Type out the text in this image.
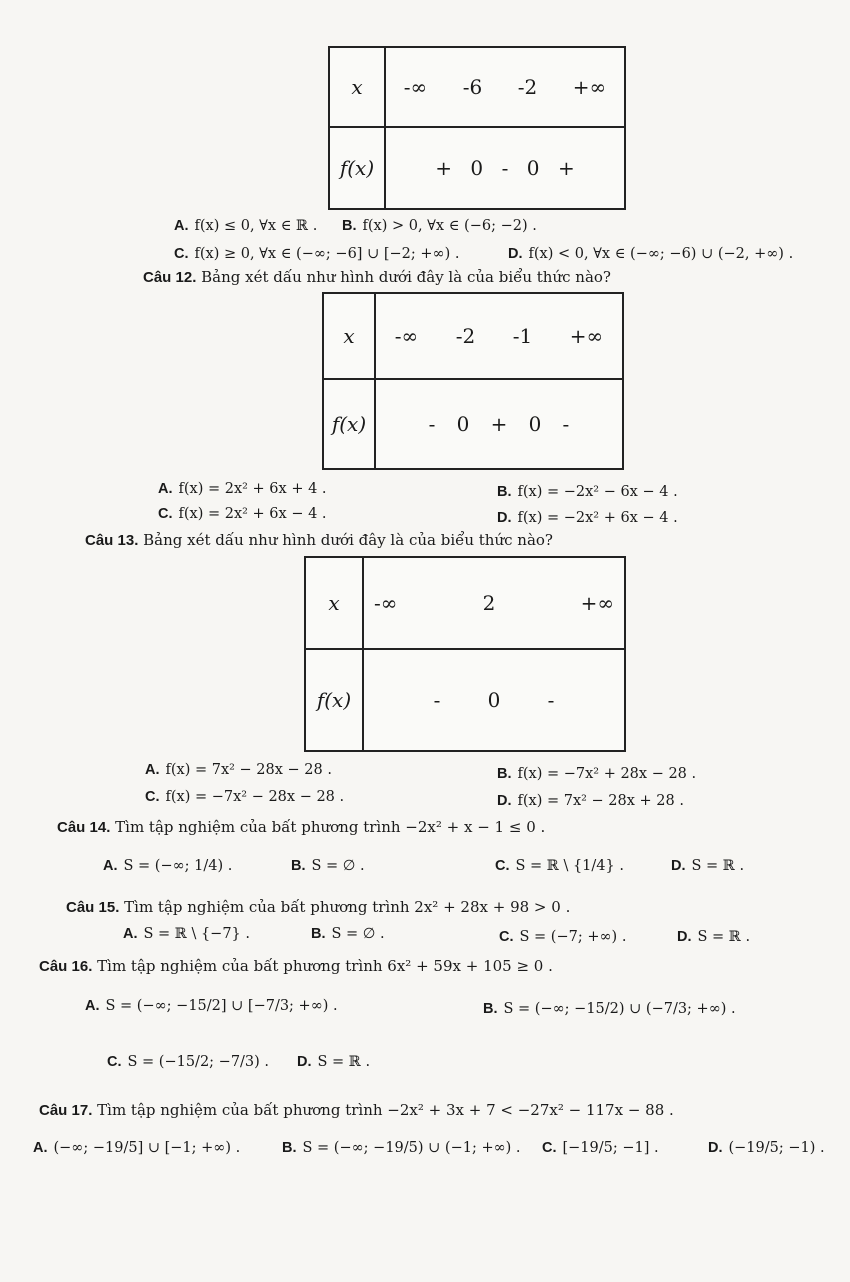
x	-∞ -6 -2 +∞

f(x)	+ 0 - 0 +
A. f(x) ≤ 0, ∀x ∈ ℝ . B. f(x) > 0, ∀x ∈ (−6; −2) .
C. f(x) ≥ 0, ∀x ∈ (−∞; −6] ∪ [−2; +∞) .	D. f(x) < 0, ∀x ∈ (−∞; −6) ∪ (−2, +∞) .
Câu 12. Bảng xét dấu như hình dưới đây là của biểu thức nào?
x	-∞ -2 -1 +∞

f(x)	- 0 + 0 -
A. f(x) = 2x² + 6x + 4 .	B. f(x) = −2x² − 6x − 4 .
C. f(x) = 2x² + 6x − 4 .	D. f(x) = −2x² + 6x − 4 .
Câu 13. Bảng xét dấu như hình dưới đây là của biểu thức nào?
x	-∞ 2 +∞

f(x)	- 0 -
A. f(x) = 7x² − 28x − 28 .	B. f(x) = −7x² + 28x − 28 .
C. f(x) = −7x² − 28x − 28 .	D. f(x) = 7x² − 28x + 28 .
Câu 14. Tìm tập nghiệm của bất phương trình −2x² + x − 1 ≤ 0 .
A. S = (−∞; 1/4) .	B. S = ∅ .	C. S = ℝ \ {1/4} .	D. S = ℝ .
Câu 15. Tìm tập nghiệm của bất phương trình 2x² + 28x + 98 > 0 .
A. S = ℝ \ {−7} .	B. S = ∅ .	C. S = (−7; +∞) .	D. S = ℝ .
Câu 16. Tìm tập nghiệm của bất phương trình 6x² + 59x + 105 ≥ 0 .
A. S = (−∞; −15/2] ∪ [−7/3; +∞) .	B. S = (−∞; −15/2) ∪ (−7/3; +∞) .
C. S = (−15/2; −7/3) . D. S = ℝ .
Câu 17. Tìm tập nghiệm của bất phương trình −2x² + 3x + 7 < −27x² − 117x − 88 .
A. (−∞; −19/5] ∪ [−1; +∞) .	B. S = (−∞; −19/5) ∪ (−1; +∞) . C. [−19/5; −1] .	D. (−19/5; −1) .
